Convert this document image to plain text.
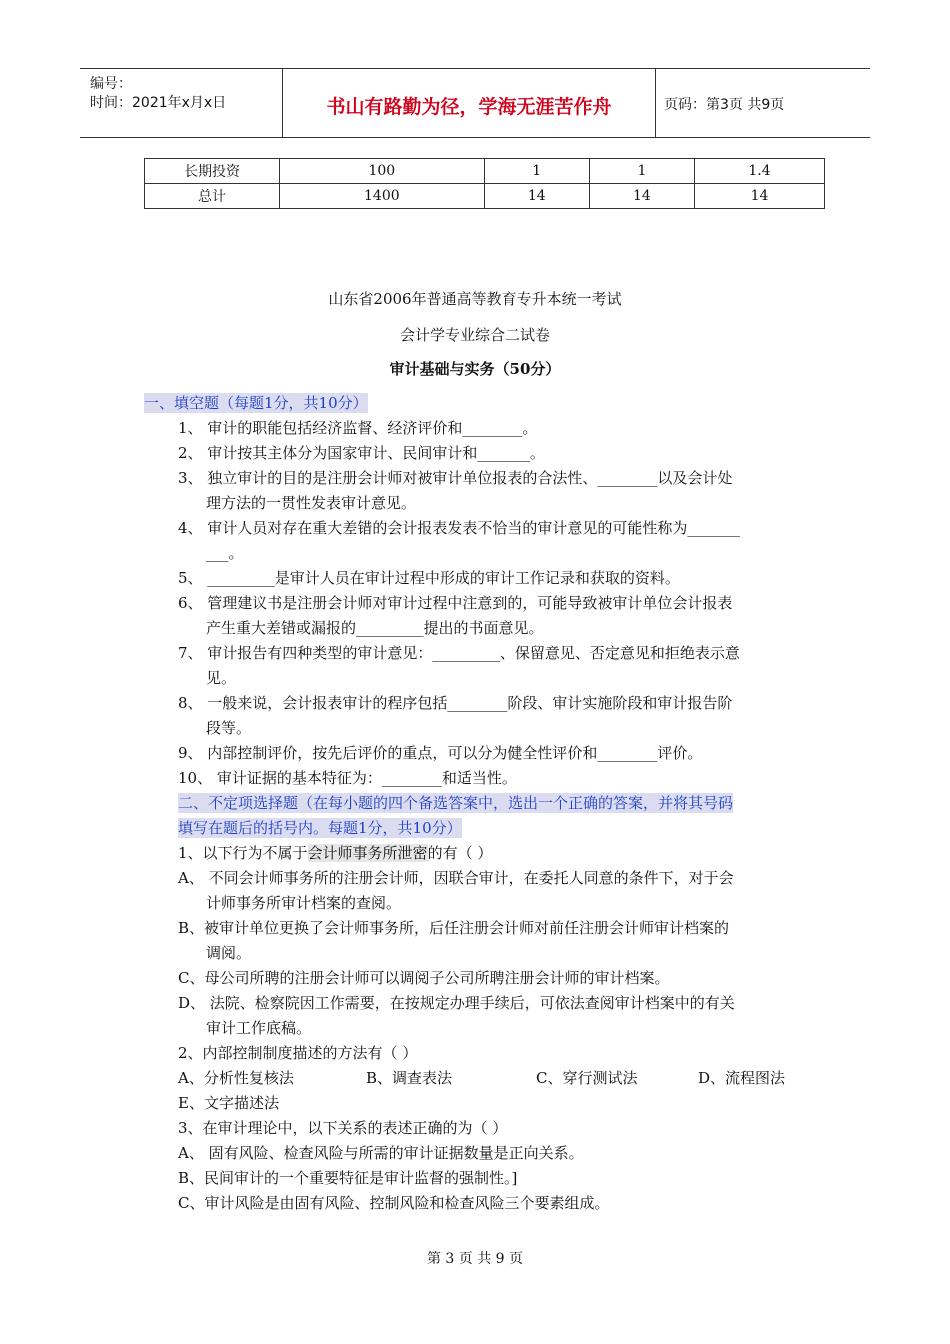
编号：
时间：2021年x月x日	书山有路勤为径，学海无涯苦作舟	页码：第3页 共9页
长期投资	100	1	1	1.4
总计	1400	14	14	14
山东省2006年普通高等教育专升本统一考试
会计学专业综合二试卷
审计基础与实务（50分）
一、填空题（每题1分，共10分）
1、 审计的职能包括经济监督、经济评价和________。
2、 审计按其主体分为国家审计、民间审计和_______。
3、 独立审计的目的是注册会计师对被审计单位报表的合法性、________以及会计处
理方法的一贯性发表审计意见。
4、 审计人员对存在重大差错的会计报表发表不恰当的审计意见的可能性称为_______
___。
5、 _________是审计人员在审计过程中形成的审计工作记录和获取的资料。
6、 管理建议书是注册会计师对审计过程中注意到的，可能导致被审计单位会计报表
产生重大差错或漏报的_________提出的书面意见。
7、 审计报告有四种类型的审计意见：_________、保留意见、否定意见和拒绝表示意
见。
8、 一般来说，会计报表审计的程序包括________阶段、审计实施阶段和审计报告阶
段等。
9、 内部控制评价，按先后评价的重点，可以分为健全性评价和________评价。
10、 审计证据的基本特征为：________和适当性。
二、不定项选择题（在每小题的四个备选答案中，选出一个正确的答案，并将其号码
填写在题后的括号内。每题1分，共10分）
1、以下行为不属于会计师事务所泄密的有（ ）
A、 不同会计师事务所的注册会计师，因联合审计，在委托人同意的条件下，对于会
计师事务所审计档案的查阅。
B、被审计单位更换了会计师事务所，后任注册会计师对前任注册会计师审计档案的
调阅。
C、母公司所聘的注册会计师可以调阅子公司所聘注册会计师的审计档案。
D、 法院、检察院因工作需要，在按规定办理手续后，可依法查阅审计档案中的有关
审计工作底稿。
2、内部控制制度描述的方法有（ ）
A、分析性复核法	B、调查表法	C、穿行测试法	D、流程图法
E、文字描述法
3、在审计理论中，以下关系的表述正确的为（ ）
A、 固有风险、检查风险与所需的审计证据数量是正向关系。
B、民间审计的一个重要特征是审计监督的强制性。]
C、审计风险是由固有风险、控制风险和检查风险三个要素组成。
第 3 页 共 9 页
